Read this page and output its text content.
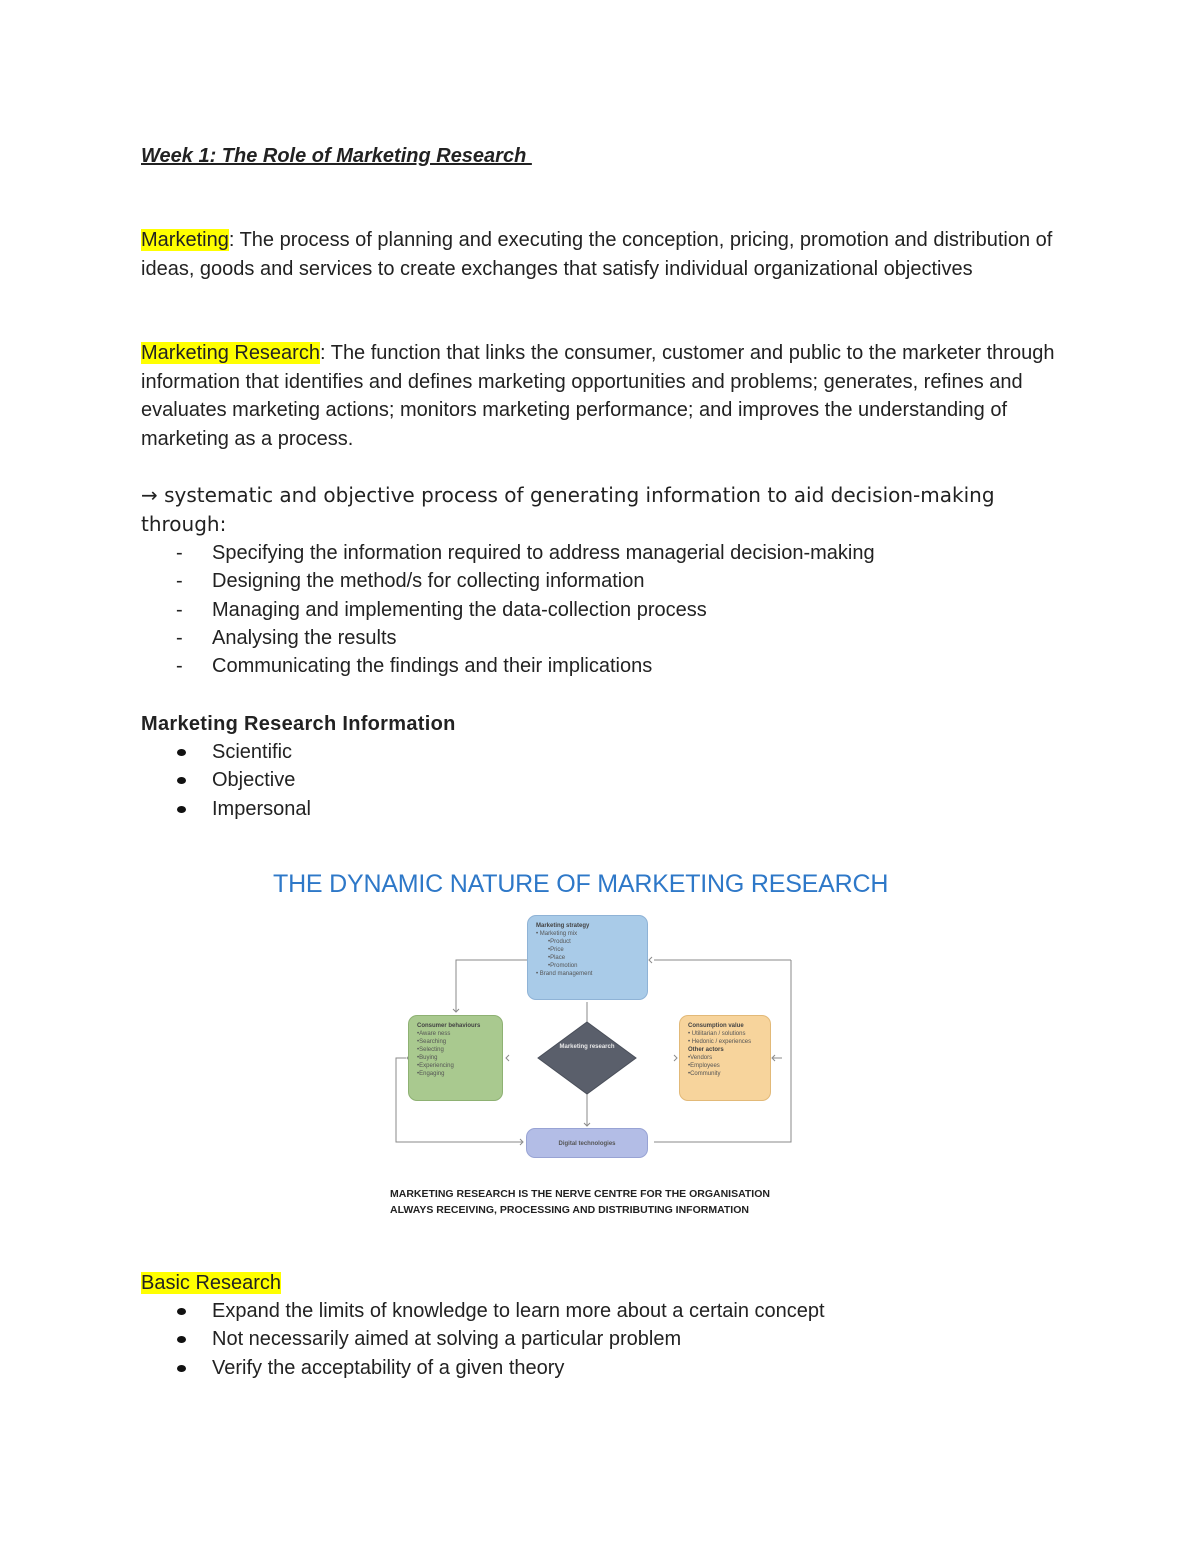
Week 1: The Role of Marketing Research

Marketing: The process of planning and executing the conception, pricing, promotion and distribution of ideas, goods and services to create exchanges that satisfy individual organizational objectives

Marketing Research: The function that links the consumer, customer and public to the marketer through information that identifies and defines marketing opportunities and problems; generates, refines and evaluates marketing actions; monitors marketing performance; and improves the understanding of marketing as a process.

→ systematic and objective process of generating information to aid decision-making through:

- Specifying the information required to address managerial decision-making
- Designing the method/s for collecting information
- Managing and implementing the data-collection process
- Analysing the results
- Communicating the findings and their implications

Marketing Research Information

Scientific
Objective
Impersonal
THE DYNAMIC NATURE OF MARKETING RESEARCH
Marketing strategy
• Marketing mix
•Product
•Price
•Place
•Promotion
• Brand management
Consumer behaviours
•Aware ness
•Searching
•Selecting
•Buying
•Experiencing
•Engaging
Marketing research
Consumption value
• Utilitarian / solutions
• Hedonic / experiences
Other actors
•Vendors
•Employees
•Community
Digital technologies
MARKETING RESEARCH IS THE NERVE CENTRE FOR THE ORGANISATION
ALWAYS RECEIVING, PROCESSING AND DISTRIBUTING INFORMATION

Basic Research

Expand the limits of knowledge to learn more about a certain concept
Not necessarily aimed at solving a particular problem
Verify the acceptability of a given theory
